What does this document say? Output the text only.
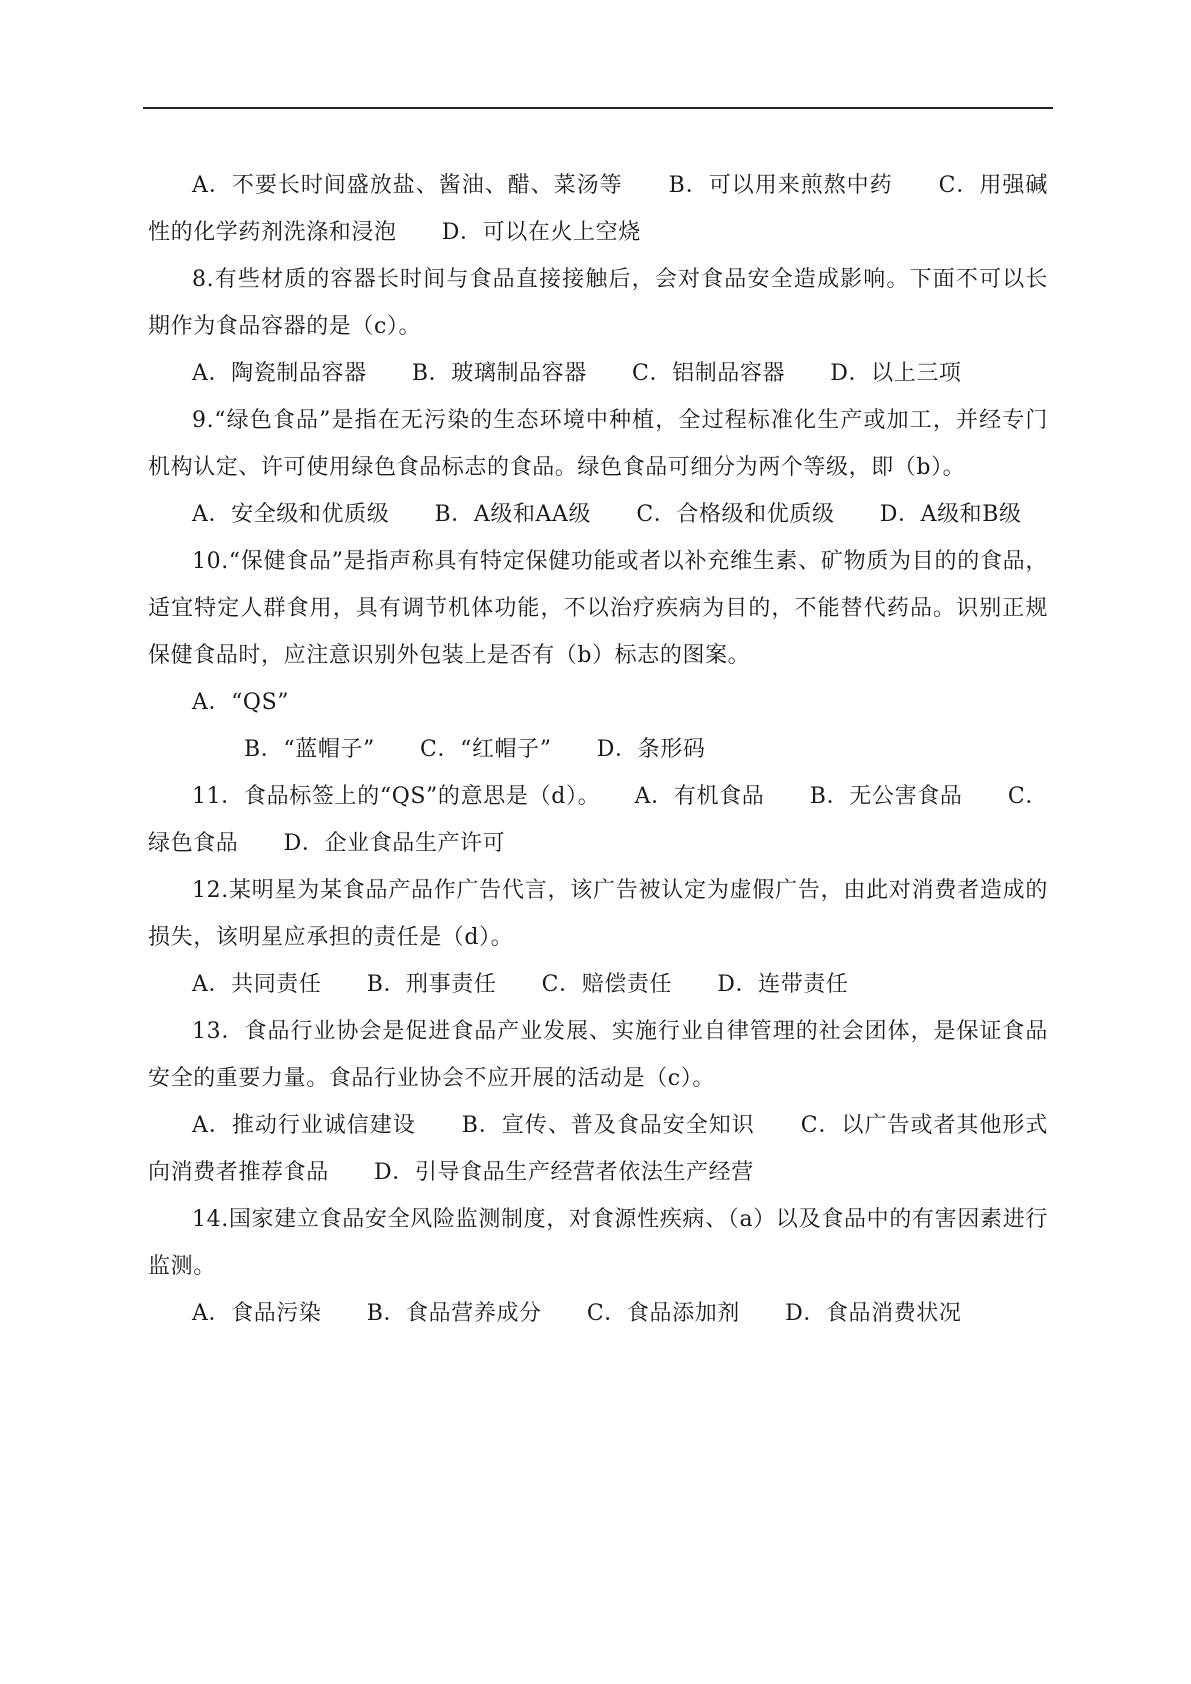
A．不要长时间盛放盐、酱油、醋、菜汤等　　B．可以用来煎熬中药　　C．用强碱性的化学药剂洗涤和浸泡　　D．可以在火上空烧

8.有些材质的容器长时间与食品直接接触后，会对食品安全造成影响。下面不可以长期作为食品容器的是（c）。

A．陶瓷制品容器　　B．玻璃制品容器　　C．铝制品容器　　D．以上三项

9.“绿色食品”是指在无污染的生态环境中种植，全过程标准化生产或加工，并经专门机构认定、许可使用绿色食品标志的食品。绿色食品可细分为两个等级，即（b）。

A．安全级和优质级　　B．A级和AA级　　C．合格级和优质级　　D．A级和B级

10.“保健食品”是指声称具有特定保健功能或者以补充维生素、矿物质为目的的食品，适宜特定人群食用，具有调节机体功能，不以治疗疾病为目的，不能替代药品。识别正规保健食品时，应注意识别外包装上是否有（b）标志的图案。

A．“QS”

B．“蓝帽子”　　C．“红帽子”　　D．条形码

11．食品标签上的“QS”的意思是（d）。　　A．有机食品　　B．无公害食品　　C．绿色食品　　D．企业食品生产许可

12.某明星为某食品产品作广告代言，该广告被认定为虚假广告，由此对消费者造成的损失，该明星应承担的责任是（d）。

A．共同责任　　B．刑事责任　　C．赔偿责任　　D．连带责任

13．食品行业协会是促进食品产业发展、实施行业自律管理的社会团体，是保证食品安全的重要力量。食品行业协会不应开展的活动是（c）。

A．推动行业诚信建设　　B．宣传、普及食品安全知识　　C．以广告或者其他形式向消费者推荐食品　　D．引导食品生产经营者依法生产经营

14.国家建立食品安全风险监测制度，对食源性疾病、（a）以及食品中的有害因素进行监测。

A．食品污染　　B．食品营养成分　　C．食品添加剂　　D．食品消费状况
